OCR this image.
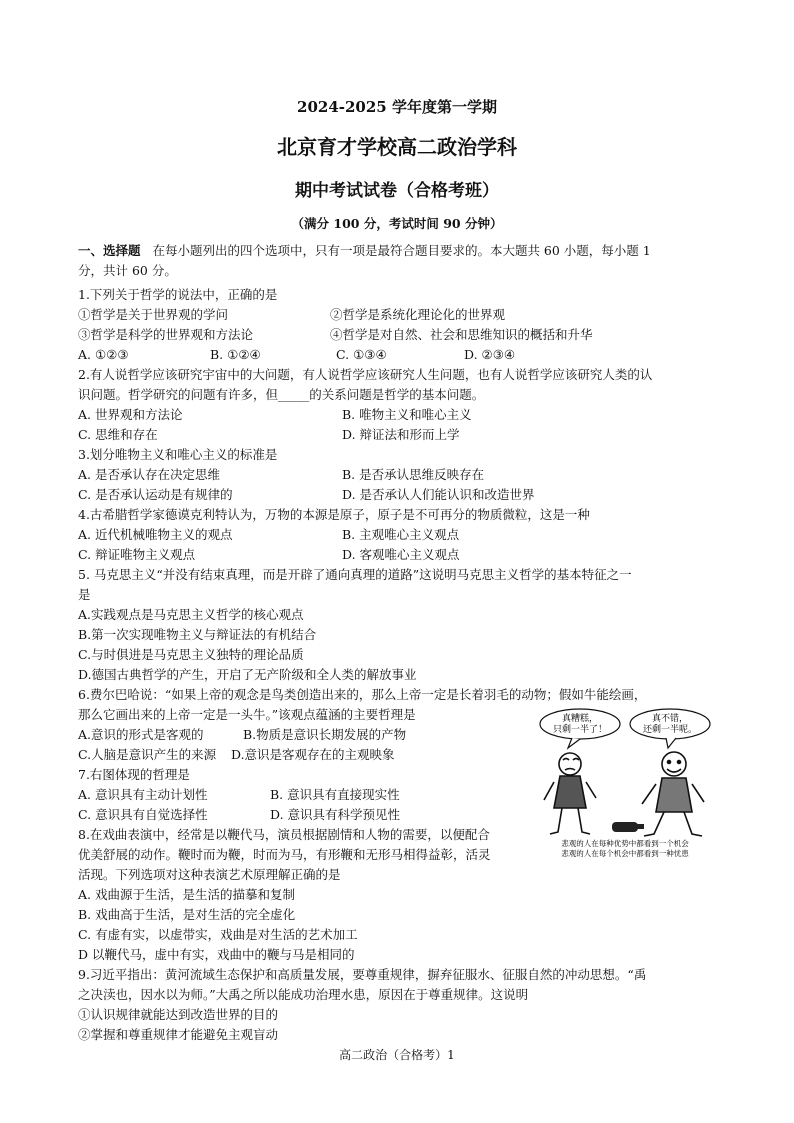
2024-2025 学年度第一学期
北京育才学校高二政治学科
期中考试试卷（合格考班）
（满分 100 分，考试时间 90 分钟）
一、选择题 在每小题列出的四个选项中，只有一项是最符合题目要求的。本大题共 60 小题，每小题 1
分，共计 60 分。
1.下列关于哲学的说法中，正确的是
①哲学是关于世界观的学问	②哲学是系统化理论化的世界观
③哲学是科学的世界观和方法论	④哲学是对自然、社会和思维知识的概括和升华
A. ①②③	B. ①②④	C. ①③④	D. ②③④
2.有人说哲学应该研究宇宙中的大问题，有人说哲学应该研究人生问题，也有人说哲学应该研究人类的认
识问题。哲学研究的问题有许多，但_____的关系问题是哲学的基本问题。
A. 世界观和方法论	B. 唯物主义和唯心主义
C. 思维和存在	D. 辩证法和形而上学
3.划分唯物主义和唯心主义的标准是
A. 是否承认存在决定思维	B. 是否承认思维反映存在
C. 是否承认运动是有规律的	D. 是否承认人们能认识和改造世界
4.古希腊哲学家德谟克利特认为，万物的本源是原子，原子是不可再分的物质微粒，这是一种
A. 近代机械唯物主义的观点	B. 主观唯心主义观点
C. 辩证唯物主义观点	D. 客观唯心主义观点
5. 马克思主义“并没有结束真理，而是开辟了通向真理的道路”这说明马克思主义哲学的基本特征之一
是
A.实践观点是马克思主义哲学的核心观点
B.第一次实现唯物主义与辩证法的有机结合
C.与时俱进是马克思主义独特的理论品质
D.德国古典哲学的产生，开启了无产阶级和全人类的解放事业
6.费尔巴哈说：“如果上帝的观念是鸟类创造出来的，那么上帝一定是长着羽毛的动物；假如牛能绘画，
那么它画出来的上帝一定是一头牛。”该观点蕴涵的主要哲理是
A.意识的形式是客观的	B.物质是意识长期发展的产物
C.人脑是意识产生的来源 D.意识是客观存在的主观映象
7.右图体现的哲理是
A. 意识具有主动计划性	B. 意识具有直接现实性
C. 意识具有自觉选择性	D. 意识具有科学预见性
真糟糕，
只剩一半了！
真不错，
还剩一半呢。
悲观的人在每种优势中都看到一个机会
悲观的人在每个机会中都看到一种忧患
8.在戏曲表演中，经常是以鞭代马，演员根据剧情和人物的需要，以便配合
优美舒展的动作。鞭时而为鞭，时而为马，有形鞭和无形马相得益彰，活灵
活现。下列选项对这种表演艺术原理解正确的是
A. 戏曲源于生活，是生活的描摹和复制
B. 戏曲高于生活，是对生活的完全虚化
C. 有虚有实，以虚带实，戏曲是对生活的艺术加工
D 以鞭代马，虚中有实，戏曲中的鞭与马是相同的
9.习近平指出：黄河流域生态保护和高质量发展，要尊重规律，摒弃征服水、征服自然的冲动思想。“禹
之决渎也，因水以为师。”大禹之所以能成功治理水患，原因在于尊重规律。这说明
①认识规律就能达到改造世界的目的
②掌握和尊重规律才能避免主观盲动
高二政治（合格考）1
